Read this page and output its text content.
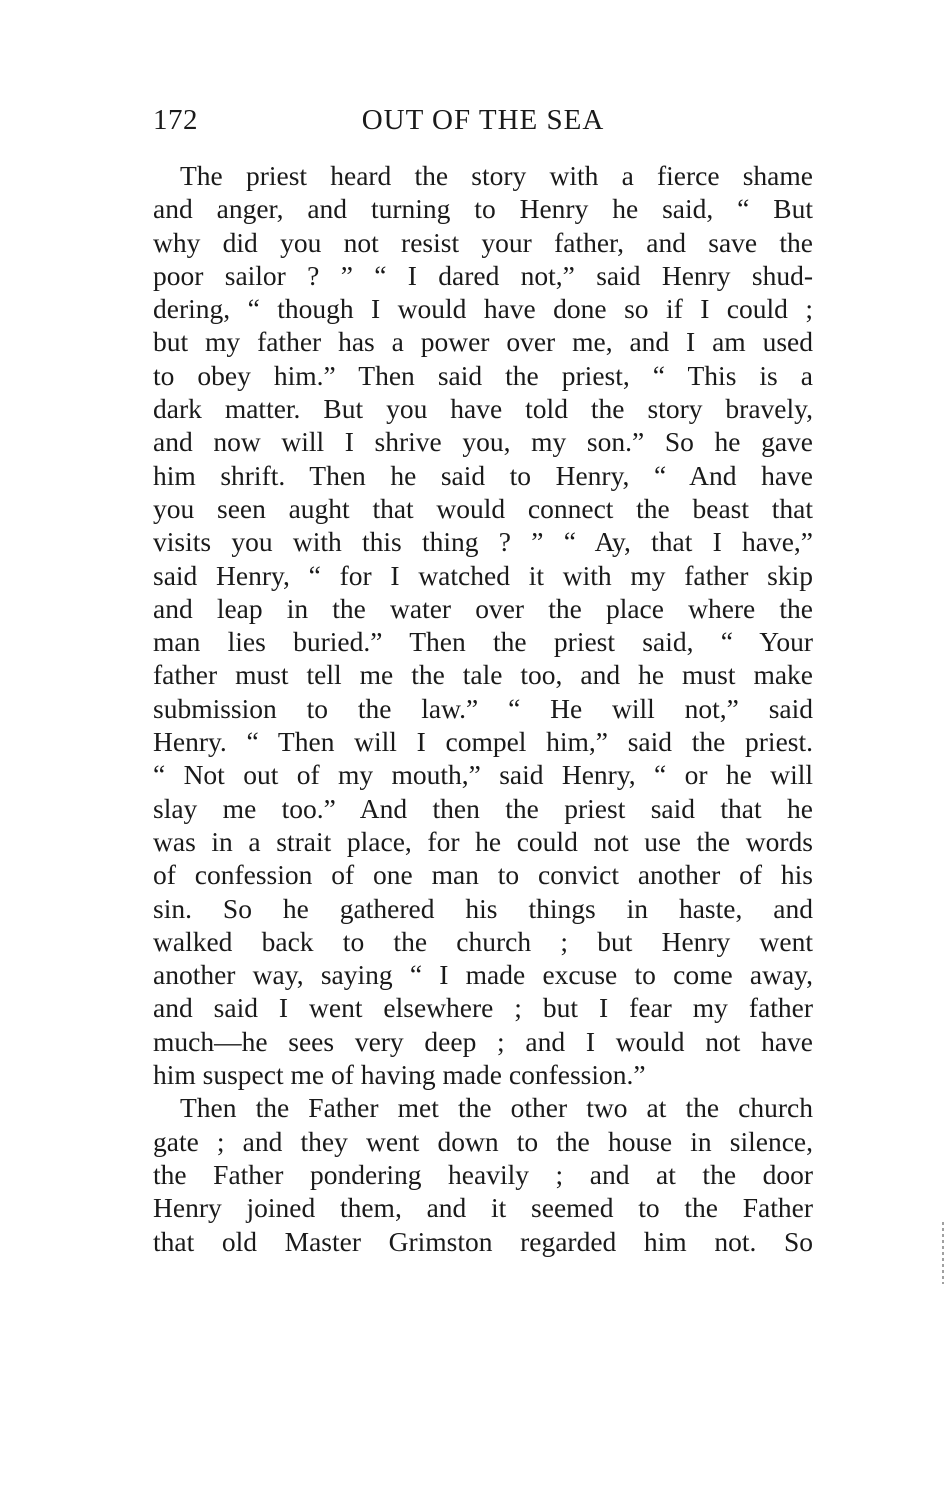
172	OUT OF THE SEA
The priest heard the story with a fierce shame
and anger, and turning to Henry he said, “ But
why did you not resist your father, and save the
poor sailor ? ” “ I dared not,” said Henry shud-
dering, “ though I would have done so if I could ;
but my father has a power over me, and I am used
to obey him.” Then said the priest, “ This is a
dark matter. But you have told the story bravely,
and now will I shrive you, my son.” So he gave
him shrift. Then he said to Henry, “ And have
you seen aught that would connect the beast that
visits you with this thing ? ” “ Ay, that I have,”
said Henry, “ for I watched it with my father skip
and leap in the water over the place where the
man lies buried.” Then the priest said, “ Your
father must tell me the tale too, and he must make
submission to the law.” “ He will not,” said
Henry. “ Then will I compel him,” said the priest.
“ Not out of my mouth,” said Henry, “ or he will
slay me too.” And then the priest said that he
was in a strait place, for he could not use the words
of confession of one man to convict another of his
sin. So he gathered his things in haste, and
walked back to the church ; but Henry went
another way, saying “ I made excuse to come away,
and said I went elsewhere ; but I fear my father
much—he sees very deep ; and I would not have
him suspect me of having made confession.”
Then the Father met the other two at the church
gate ; and they went down to the house in silence,
the Father pondering heavily ; and at the door
Henry joined them, and it seemed to the Father
that old Master Grimston regarded him not. So
